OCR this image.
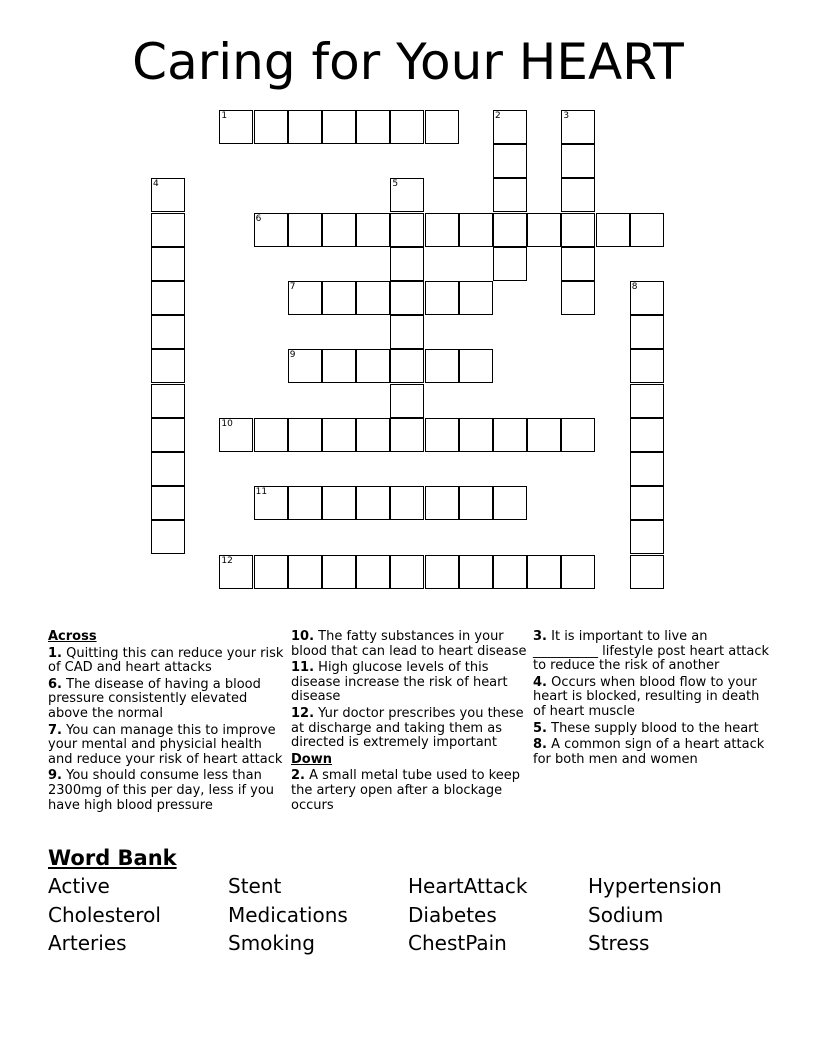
Caring for Your HEART
1	2	3
4	5
6
7	8
9
10
11
12
Across
1. Quitting this can reduce your risk of CAD and heart attacks
6. The disease of having a blood pressure consistently elevated above the normal
7. You can manage this to improve your mental and physicial health and reduce your risk of heart attack
9. You should consume less than 2300mg of this per day, less if you have high blood pressure
10. The fatty substances in your blood that can lead to heart disease
11. High glucose levels of this disease increase the risk of heart disease
12. Yur doctor prescribes you these at discharge and taking them as directed is extremely important
Down
2. A small metal tube used to keep the artery open after a blockage occurs
3. It is important to live an __________ lifestyle post heart attack to reduce the risk of another
4. Occurs when blood flow to your heart is blocked, resulting in death of heart muscle
5. These supply blood to the heart
8. A common sign of a heart attack for both men and women
Word Bank
Active	Stent	HeartAttack	Hypertension
Cholesterol	Medications	Diabetes	Sodium
Arteries	Smoking	ChestPain	Stress
